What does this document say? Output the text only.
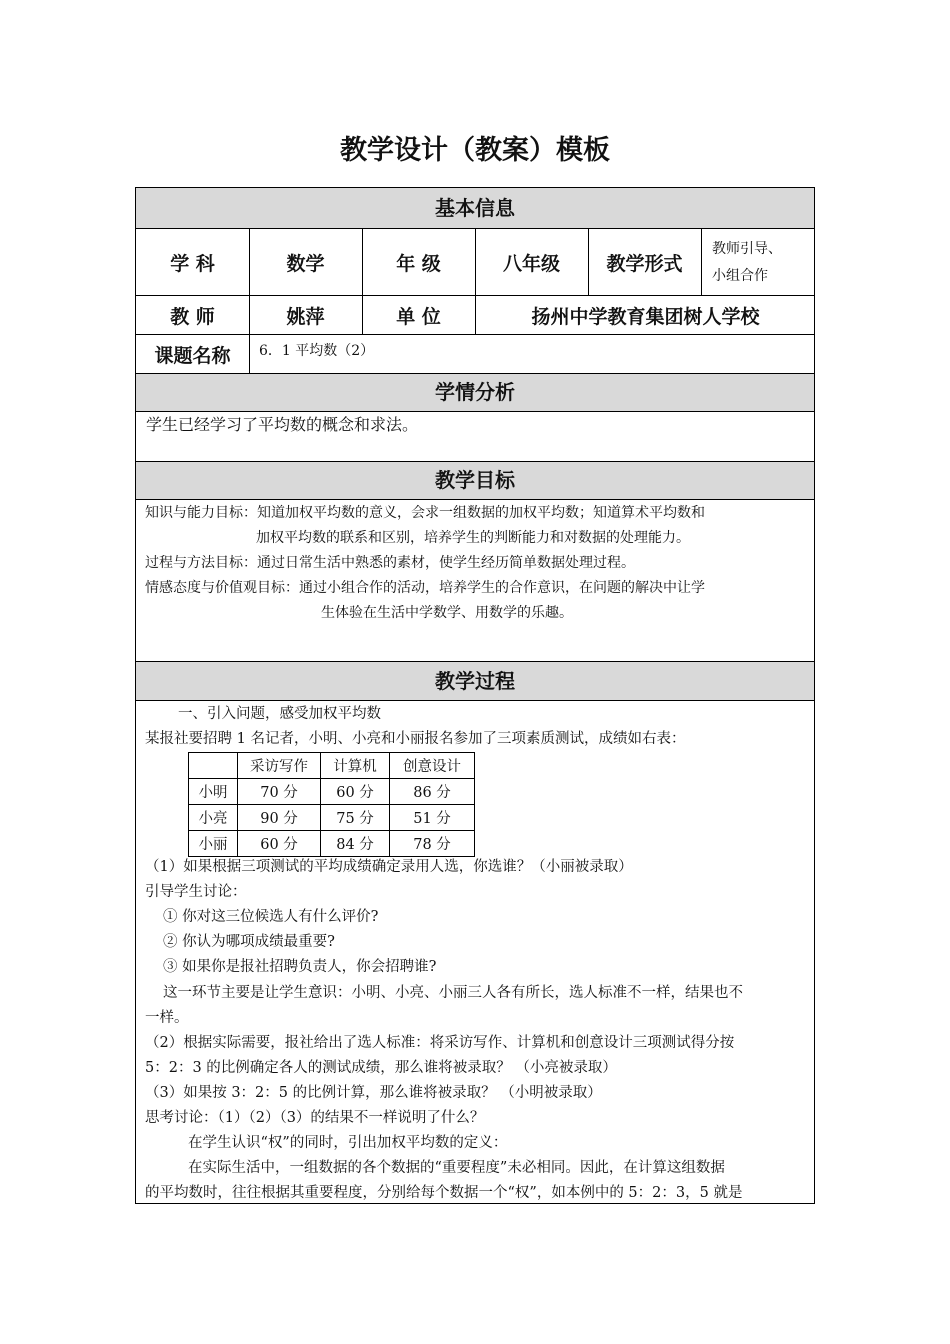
教学设计（教案）模板
基本信息
学 科	数学	年 级	八年级	教学形式
教师引导、
小组合作
教 师	姚萍	单 位	扬州中学教育集团树人学校
课题名称	6．1 平均数（2）
学情分析
学生已经学习了平均数的概念和求法。
教学目标
知识与能力目标：知道加权平均数的意义，会求一组数据的加权平均数；知道算术平均数和
加权平均数的联系和区别，培养学生的判断能力和对数据的处理能力。
过程与方法目标：通过日常生活中熟悉的素材，使学生经历简单数据处理过程。
情感态度与价值观目标：通过小组合作的活动，培养学生的合作意识，在问题的解决中让学
生体验在生活中学数学、用数学的乐趣。
教学过程
一、引入问题，感受加权平均数
某报社要招聘 1 名记者，小明、小亮和小丽报名参加了三项素质测试，成绩如右表：
	采访写作	计算机	创意设计
小明	70 分	60 分	86 分
小亮	90 分	75 分	51 分
小丽	60 分	84 分	78 分
（1）如果根据三项测试的平均成绩确定录用人选，你选谁？（小丽被录取）
引导学生讨论：
① 你对这三位候选人有什么评价?
② 你认为哪项成绩最重要?
③ 如果你是报社招聘负责人，你会招聘谁?
这一环节主要是让学生意识：小明、小亮、小丽三人各有所长，选人标准不一样，结果也不
一样。
（2）根据实际需要，报社给出了选人标准：将采访写作、计算机和创意设计三项测试得分按
5：2：3 的比例确定各人的测试成绩，那么谁将被录取？ （小亮被录取）
（3）如果按 3：2：5 的比例计算，那么谁将被录取？ （小明被录取）
思考讨论：（1）（2）（3）的结果不一样说明了什么？
在学生认识“权”的同时，引出加权平均数的定义：
在实际生活中，一组数据的各个数据的“重要程度”未必相同。因此，在计算这组数据
的平均数时，往往根据其重要程度，分别给每个数据一个“权”，如本例中的 5：2：3，5 就是
